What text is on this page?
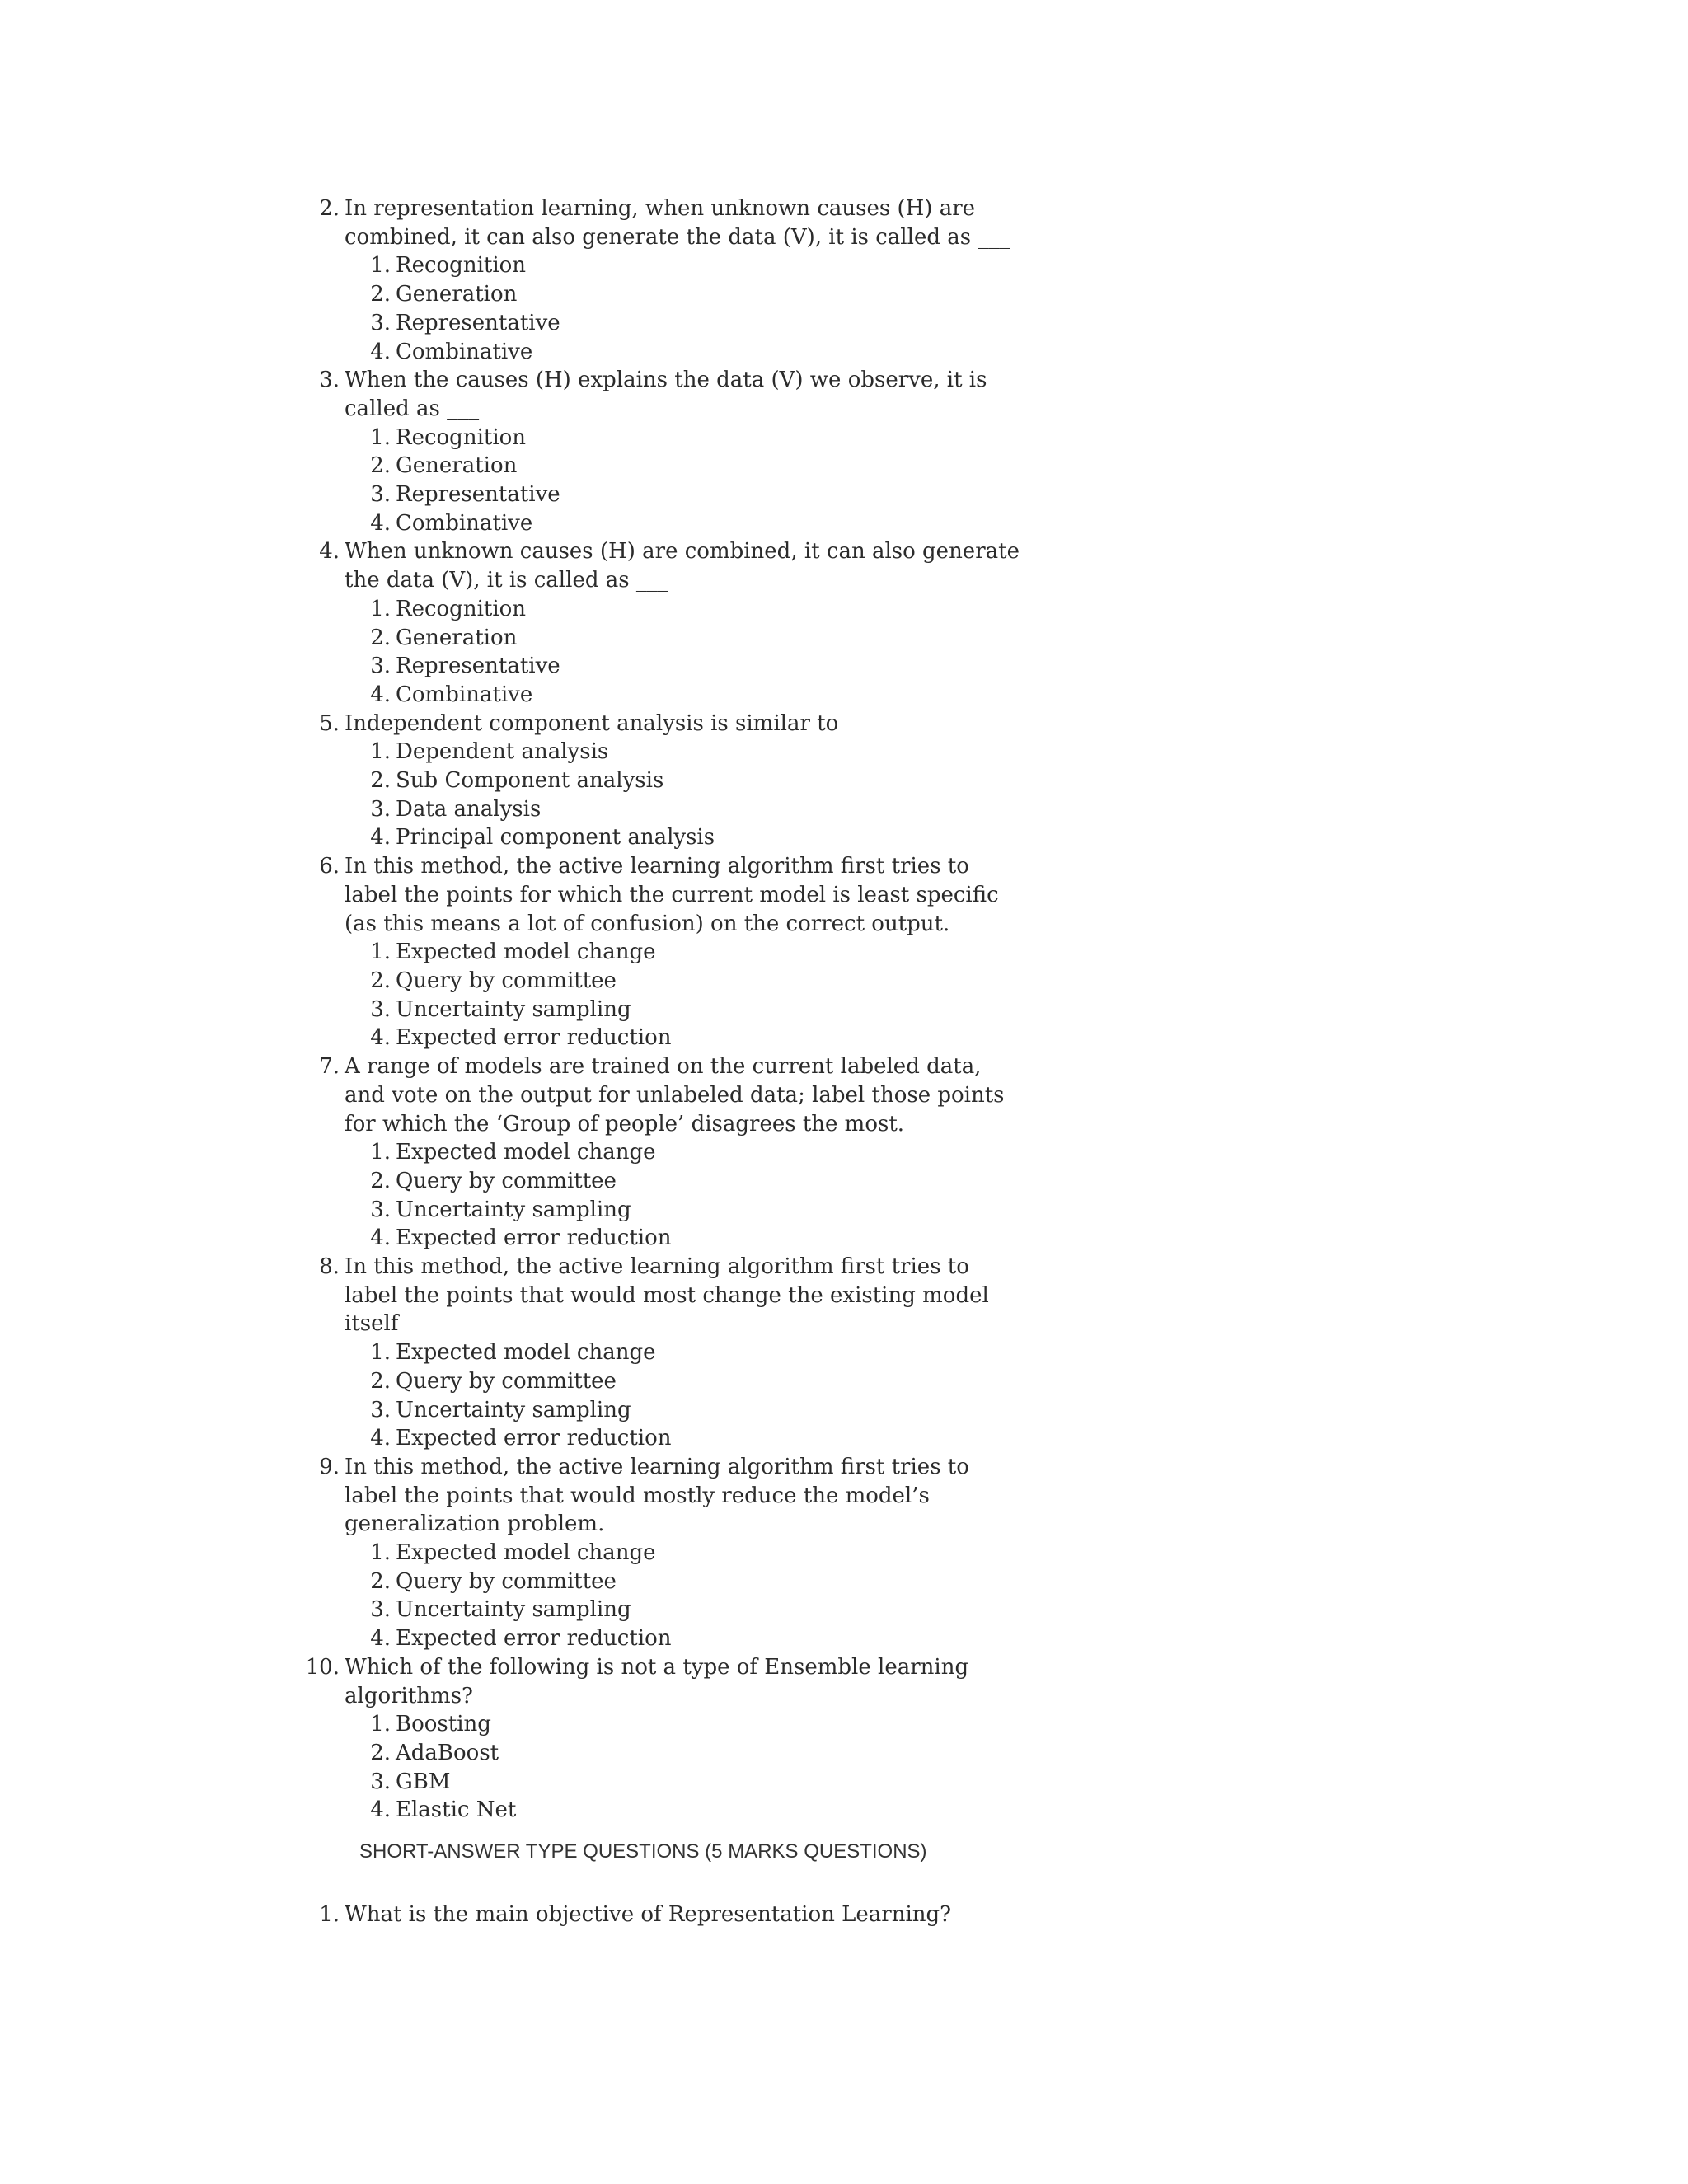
2. In representation learning, when unknown causes (H) are combined, it can also generate the data (V), it is called as ___
1. Recognition
2. Generation
3. Representative
4. Combinative
3. When the causes (H) explains the data (V) we observe, it is called as ___
1. Recognition
2. Generation
3. Representative
4. Combinative
4. When unknown causes (H) are combined, it can also generate the data (V), it is called as ___
1. Recognition
2. Generation
3. Representative
4. Combinative
5. Independent component analysis is similar to
1. Dependent analysis
2. Sub Component analysis
3. Data analysis
4. Principal component analysis
6. In this method, the active learning algorithm first tries to label the points for which the current model is least specific (as this means a lot of confusion) on the correct output.
1. Expected model change
2. Query by committee
3. Uncertainty sampling
4. Expected error reduction
7. A range of models are trained on the current labeled data, and vote on the output for unlabeled data; label those points for which the ‘Group of people’ disagrees the most.
1. Expected model change
2. Query by committee
3. Uncertainty sampling
4. Expected error reduction
8. In this method, the active learning algorithm first tries to label the points that would most change the existing model itself
1. Expected model change
2. Query by committee
3. Uncertainty sampling
4. Expected error reduction
9. In this method, the active learning algorithm first tries to label the points that would mostly reduce the model’s generalization problem.
1. Expected model change
2. Query by committee
3. Uncertainty sampling
4. Expected error reduction
10. Which of the following is not a type of Ensemble learning algorithms?
1. Boosting
2. AdaBoost
3. GBM
4. Elastic Net
SHORT-ANSWER TYPE QUESTIONS (5 MARKS QUESTIONS)
1. What is the main objective of Representation Learning?
